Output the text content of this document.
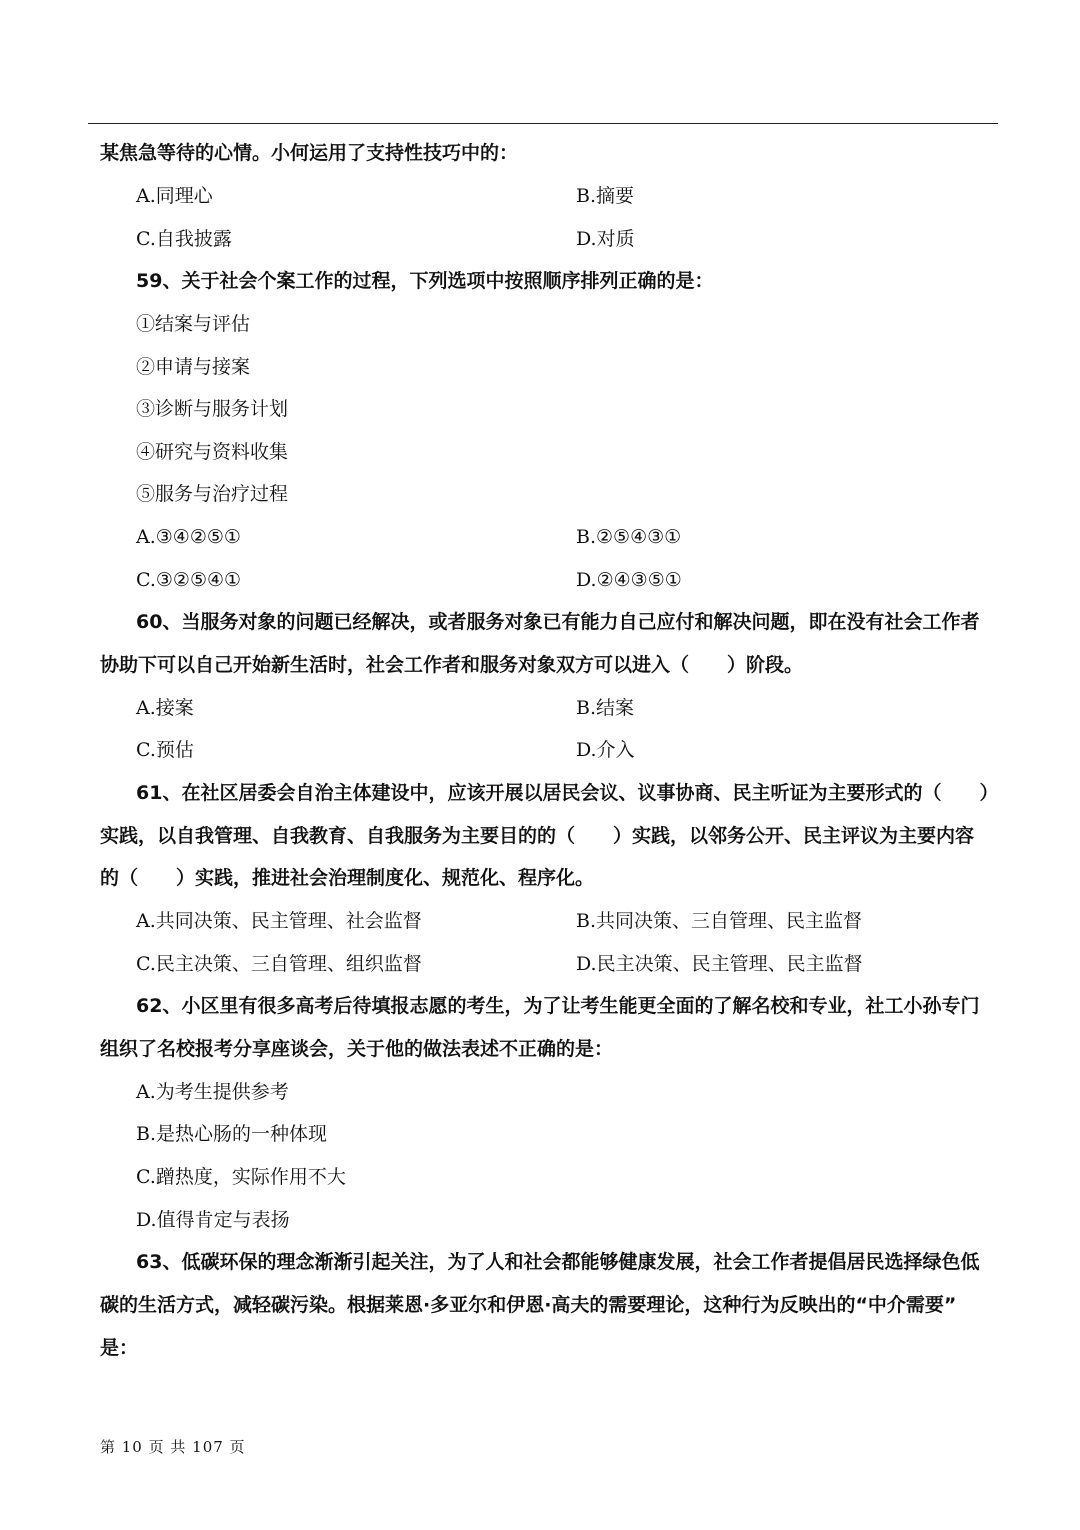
某焦急等待的心情。小何运用了支持性技巧中的：
A.同理心	B.摘要
C.自我披露	D.对质
59、关于社会个案工作的过程，下列选项中按照顺序排列正确的是：
①结案与评估
②申请与接案
③诊断与服务计划
④研究与资料收集
⑤服务与治疗过程
A.③④②⑤①	B.②⑤④③①
C.③②⑤④①	D.②④③⑤①
60、当服务对象的问题已经解决，或者服务对象已有能力自己应付和解决问题，即在没有社会工作者
协助下可以自己开始新生活时，社会工作者和服务对象双方可以进入（　　）阶段。
A.接案	B.结案
C.预估	D.介入
61、在社区居委会自治主体建设中，应该开展以居民会议、议事协商、民主听证为主要形式的（　　）
实践，以自我管理、自我教育、自我服务为主要目的的（　　）实践，以邻务公开、民主评议为主要内容
的（　　）实践，推进社会治理制度化、规范化、程序化。
A.共同决策、民主管理、社会监督	B.共同决策、三自管理、民主监督
C.民主决策、三自管理、组织监督	D.民主决策、民主管理、民主监督
62、小区里有很多高考后待填报志愿的考生，为了让考生能更全面的了解名校和专业，社工小孙专门
组织了名校报考分享座谈会，关于他的做法表述不正确的是：
A.为考生提供参考
B.是热心肠的一种体现
C.蹭热度，实际作用不大
D.值得肯定与表扬
63、低碳环保的理念渐渐引起关注，为了人和社会都能够健康发展，社会工作者提倡居民选择绿色低
碳的生活方式，减轻碳污染。根据莱恩·多亚尔和伊恩·高夫的需要理论，这种行为反映出的“中介需要”
是：
第 10 页 共 107 页
